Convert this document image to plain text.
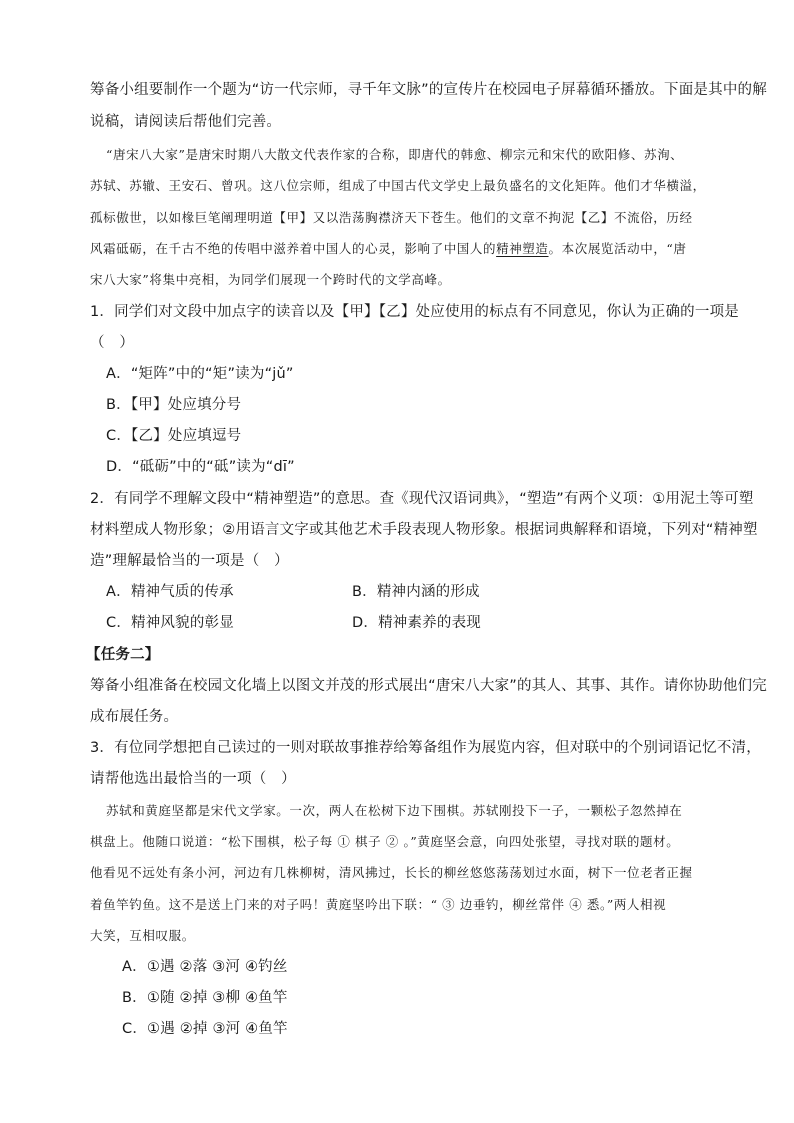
筹备小组要制作一个题为“访一代宗师，寻千年文脉”的宣传片在校园电子屏幕循环播放。下面是其中的解
说稿，请阅读后帮他们完善。
“唐宋八大家”是唐宋时期八大散文代表作家的合称，即唐代的韩愈、柳宗元和宋代的欧阳修、苏洵、
苏轼、苏辙、王安石、曾巩。这八位宗师，组成了中国古代文学史上最负盛名的文化矩阵。他们才华横溢，
孤标傲世，以如椽巨笔阐理明道【甲】又以浩荡胸襟济天下苍生。他们的文章不拘泥【乙】不流俗，历经
风霜砥砺，在千古不绝的传唱中滋养着中国人的心灵，影响了中国人的精神塑造。本次展览活动中，“唐
宋八大家”将集中亮相，为同学们展现一个跨时代的文学高峰。
1．同学们对文段中加点字的读音以及【甲】【乙】处应使用的标点有不同意见，你认为正确的一项是
（　）
A．“矩阵”中的“矩”读为“jǔ”
B．【甲】处应填分号
C．【乙】处应填逗号
D．“砥砺”中的“砥”读为“dī”
2．有同学不理解文段中“精神塑造”的意思。查《现代汉语词典》，“塑造”有两个义项：①用泥土等可塑
材料塑成人物形象；②用语言文字或其他艺术手段表现人物形象。根据词典解释和语境，下列对“精神塑
造”理解最恰当的一项是（　）
A．精神气质的传承	B．精神内涵的形成
C．精神风貌的彰显	D．精神素养的表现
【任务二】
筹备小组准备在校园文化墙上以图文并茂的形式展出“唐宋八大家”的其人、其事、其作。请你协助他们完
成布展任务。
3．有位同学想把自己读过的一则对联故事推荐给筹备组作为展览内容，但对联中的个别词语记忆不清，
请帮他选出最恰当的一项（　）
苏轼和黄庭坚都是宋代文学家。一次，两人在松树下边下围棋。苏轼刚投下一子，一颗松子忽然掉在
棋盘上。他随口说道：“松下围棋，松子每 ① 棋子 ② 。”黄庭坚会意，向四处张望，寻找对联的题材。
他看见不远处有条小河，河边有几株柳树，清风拂过，长长的柳丝悠悠荡荡划过水面，树下一位老者正握
着鱼竿钓鱼。这不是送上门来的对子吗！黄庭坚吟出下联：“ ③ 边垂钓，柳丝常伴 ④ 悉。”两人相视
大笑，互相叹服。
A．①遇 ②落 ③河 ④钓丝
B．①随 ②掉 ③柳 ④鱼竿
C．①遇 ②掉 ③河 ④鱼竿
